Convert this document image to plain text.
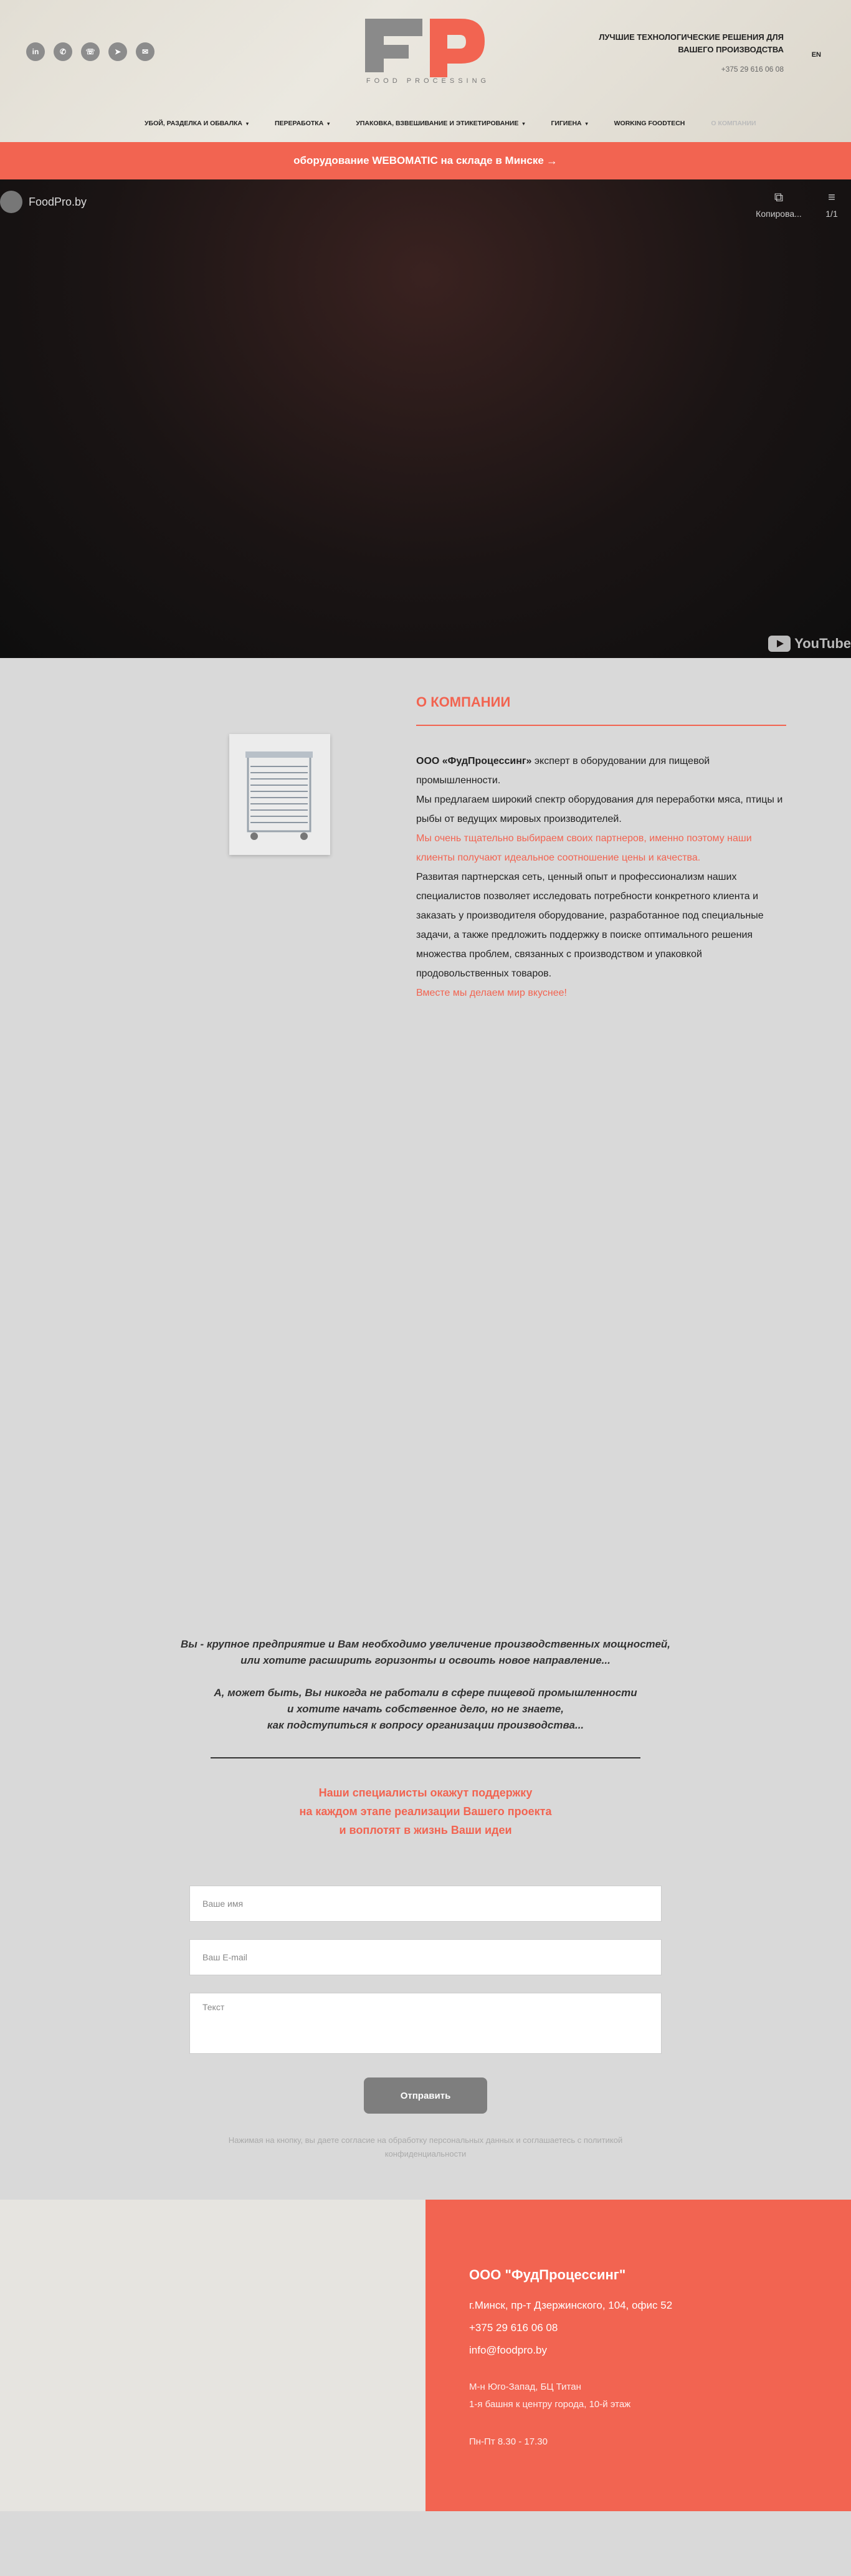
in	✆	☏	➤	✉
FOOD PROCESSING
ЛУЧШИЕ ТЕХНОЛОГИЧЕСКИЕ РЕШЕНИЯ ДЛЯ ВАШЕГО ПРОИЗВОДСТВА
+375 29 616 06 08
EN
УБОЙ, РАЗДЕЛКА И ОБВАЛКА ▾	ПЕРЕРАБОТКА ▾	УПАКОВКА, ВЗВЕШИВАНИЕ И ЭТИКЕТИРОВАНИЕ ▾	ГИГИЕНА ▾	WORKING FOODTECH	О КОМПАНИИ
оборудование WEBOMATIC на складе в Минске →
FoodPro.by	⧉
Копирова...
≡
1/1
YouTube
О КОМПАНИИ

ООО «ФудПроцессинг» эксперт в оборудовании для пищевой промышленности.

Мы предлагаем широкий спектр оборудования для переработки мяса, птицы и рыбы от ведущих мировых производителей.

Мы очень тщательно выбираем своих партнеров, именно поэтому наши клиенты получают идеальное соотношение цены и качества.

Развитая партнерская сеть, ценный опыт и профессионализм наших специалистов позволяет исследовать потребности конкретного клиента и заказать у производителя оборудование, разработанное под специальные задачи, а также предложить поддержку в поиске оптимального решения множества проблем, связанных с производством и упаковкой продовольственных товаров.

Вместе мы делаем мир вкуснее!

Вы - крупное предприятие и Вам необходимо увеличение производственных мощностей,
или хотите расширить горизонты и освоить новое направление...
А, может быть, Вы никогда не работали в сфере пищевой промышленности
и хотите начать собственное дело, но не знаете,
как подступиться к вопросу организации производства...
Наши специалисты окажут поддержку
на каждом этапе реализации Вашего проекта
и воплотят в жизнь Ваши идеи
Ваше имя
Ваш E-mail
Текст
Отправить
Нажимая на кнопку, вы даете согласие на обработку персональных данных и соглашаетесь c политикой конфиденциальности
ООО "ФудПроцессинг"
г.Минск, пр-т Дзержинского, 104, офис 52
+375 29 616 06 08
info@foodpro.by
М-н Юго-Запад, БЦ Титан
1-я башня к центру города, 10-й этаж
Пн-Пт 8.30 - 17.30
